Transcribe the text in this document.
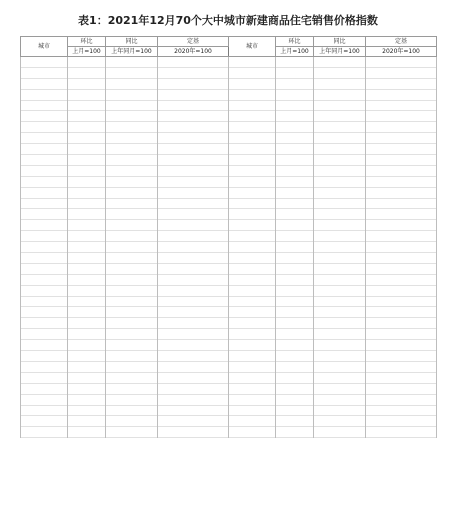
表1：2021年12月70个大中城市新建商品住宅销售价格指数
城市	环比	同比	定基	城市	环比	同比	定基
	上月=100	上年同月=100	2020年=100		上月=100	上年同月=100	2020年=100
